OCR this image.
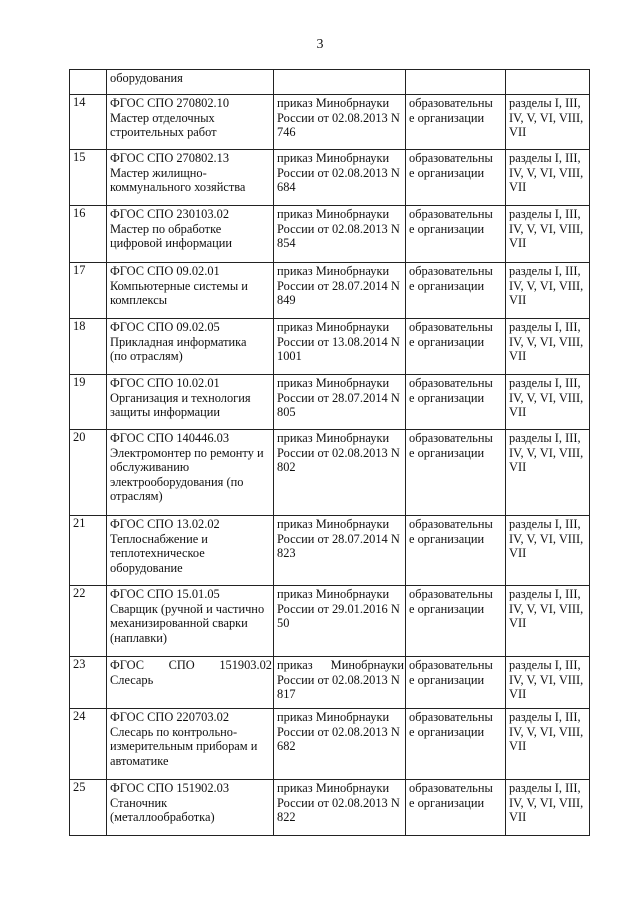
3

	оборудования			

14	ФГОС СПО 270802.10
Мастер отделочных
строительных работ	приказ Минобрнауки
России от 02.08.2013 N
746	образовательны
е организации	разделы I, III,
IV, V, VI, VIII,
VII

15	ФГОС СПО 270802.13
Мастер жилищно-
коммунального хозяйства	приказ Минобрнауки
России от 02.08.2013 N
684	образовательны
е организации	разделы I, III,
IV, V, VI, VIII,
VII

16	ФГОС СПО 230103.02
Мастер по обработке
цифровой информации	приказ Минобрнауки
России от 02.08.2013 N
854	образовательны
е организации	разделы I, III,
IV, V, VI, VIII,
VII

17	ФГОС СПО 09.02.01
Компьютерные системы и
комплексы	приказ Минобрнауки
России от 28.07.2014 N
849	образовательны
е организации	разделы I, III,
IV, V, VI, VIII,
VII

18	ФГОС СПО 09.02.05
Прикладная информатика
(по отраслям)	приказ Минобрнауки
России от 13.08.2014 N
1001	образовательны
е организации	разделы I, III,
IV, V, VI, VIII,
VII

19	ФГОС СПО 10.02.01
Организация и технология
защиты информации	приказ Минобрнауки
России от 28.07.2014 N
805	образовательны
е организации	разделы I, III,
IV, V, VI, VIII,
VII

20	ФГОС СПО 140446.03
Электромонтер по ремонту и
обслуживанию
электрооборудования (по
отраслям)	приказ Минобрнауки
России от 02.08.2013 N
802	образовательны
е организации	разделы I, III,
IV, V, VI, VIII,
VII

21	ФГОС СПО 13.02.02
Теплоснабжение и
теплотехническое
оборудование	приказ Минобрнауки
России от 28.07.2014 N
823	образовательны
е организации	разделы I, III,
IV, V, VI, VIII,
VII

22	ФГОС СПО 15.01.05
Сварщик (ручной и частично
механизированной сварки
(наплавки)	приказ Минобрнауки
России от 29.01.2016 N
50	образовательны
е организации	разделы I, III,
IV, V, VI, VIII,
VII

23	ФГОС СПО 151903.02
Слесарь	приказ Минобрнауки
России от 02.08.2013 N
817	образовательны
е организации	разделы I, III,
IV, V, VI, VIII,
VII

24	ФГОС СПО 220703.02
Слесарь по контрольно-
измерительным приборам и
автоматике	приказ Минобрнауки
России от 02.08.2013 N
682	образовательны
е организации	разделы I, III,
IV, V, VI, VIII,
VII

25	ФГОС СПО 151902.03
Станочник
(металлообработка)	приказ Минобрнауки
России от 02.08.2013 N
822	образовательны
е организации	разделы I, III,
IV, V, VI, VIII,
VII
